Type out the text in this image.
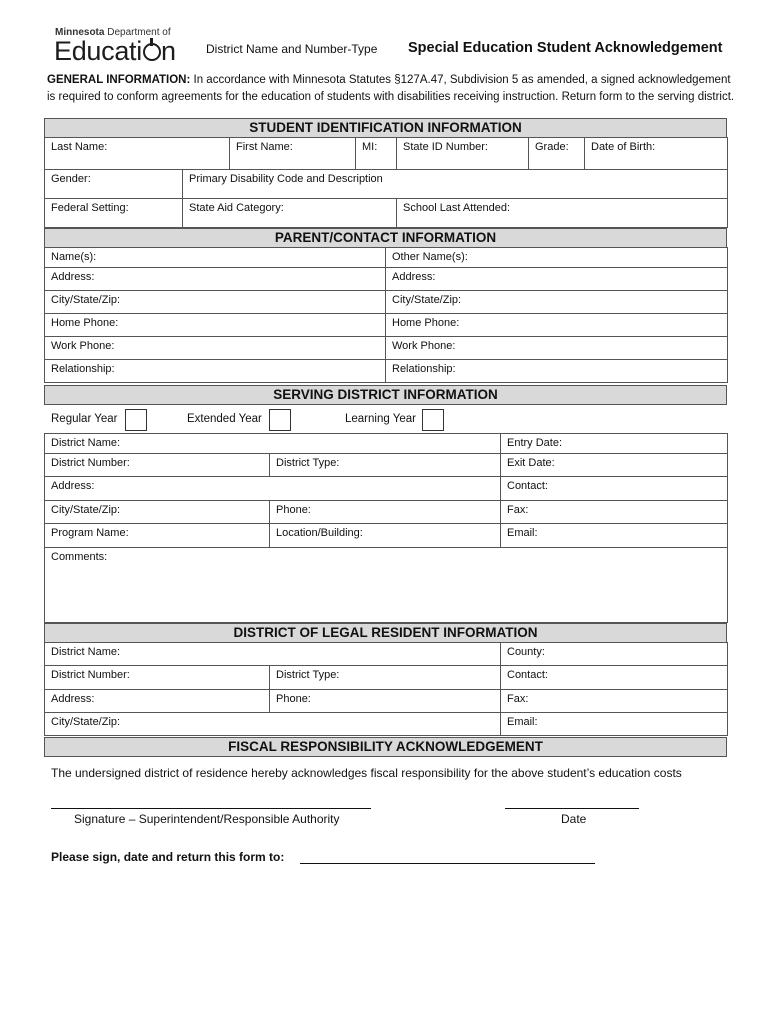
Minnesota Department of
Educati n	District Name and Number-Type Special Education Student Acknowledgement
GENERAL INFORMATION: In accordance with Minnesota Statutes §127A.47, Subdivision 5 as amended, a signed acknowledgement is required to conform agreements for the education of students with disabilities receiving instruction. Return form to the serving district.
STUDENT IDENTIFICATION INFORMATION
Last Name:		First Name:	MI:	State ID Number:	Grade:	Date of Birth:
Gender:	Primary Disability Code and Description					
Federal Setting:	State Aid Category:			School Last Attended:		
PARENT/CONTACT INFORMATION
Name(s):	Other Name(s):
Address:	Address:
City/State/Zip:	City/State/Zip:
Home Phone:	Home Phone:
Work Phone:	Work Phone:
Relationship:	Relationship:
SERVING DISTRICT INFORMATION
Regular Year	Extended Year	Learning Year
District Name:		Entry Date:
District Number:	District Type:	Exit Date:
Address:		Contact:
City/State/Zip:	Phone:	Fax:
Program Name:	Location/Building:	Email:
Comments:		
DISTRICT OF LEGAL RESIDENT INFORMATION
District Name:		County:
District Number:	District Type:	Contact:
Address:	Phone:	Fax:
City/State/Zip:		Email:
FISCAL RESPONSIBILITY ACKNOWLEDGEMENT
The undersigned district of residence hereby acknowledges fiscal responsibility for the above student’s education costs
Signature – Superintendent/Responsible Authority	Date
Please sign, date and return this form to:
